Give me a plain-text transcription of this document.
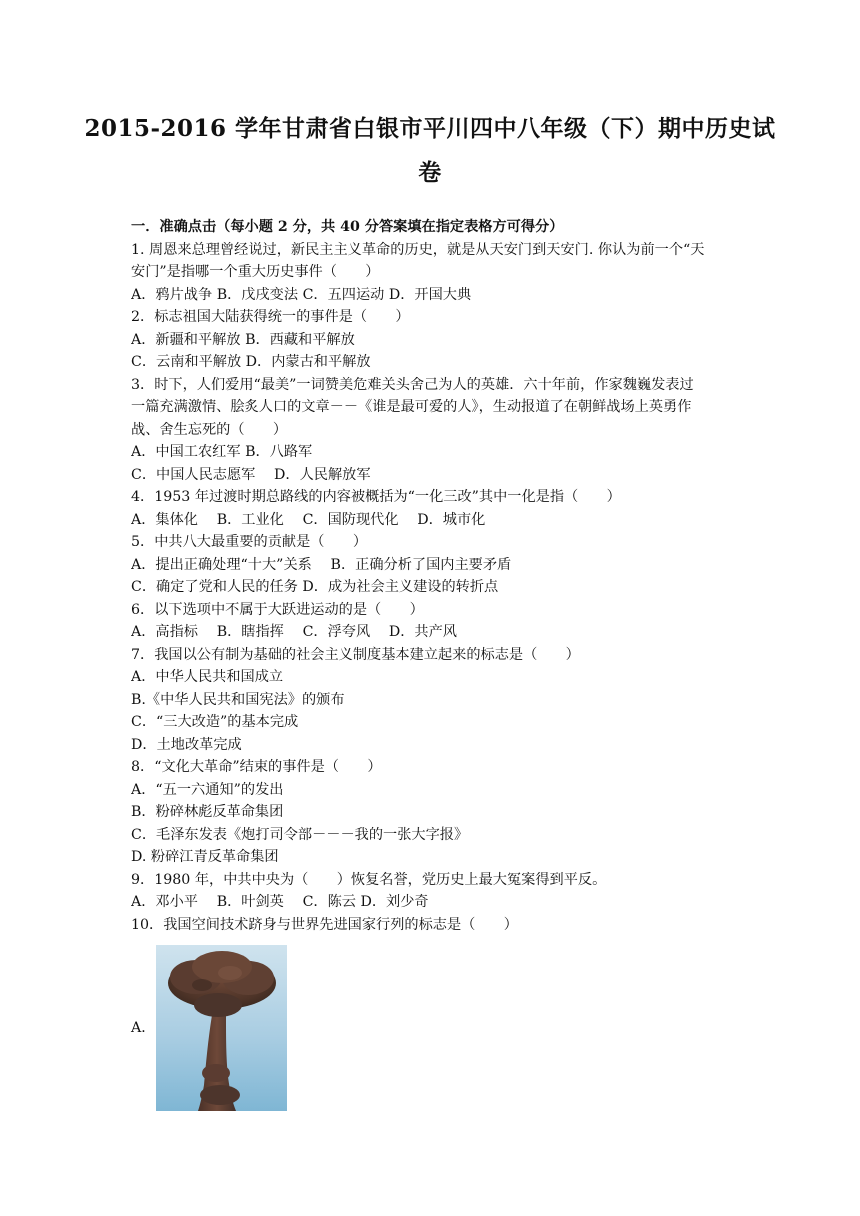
2015-2016 学年甘肃省白银市平川四中八年级（下）期中历史试
卷
一．准确点击（每小题 2 分，共 40 分答案填在指定表格方可得分）
1. 周恩来总理曾经说过，新民主主义革命的历史，就是从天安门到天安门. 你认为前一个“天
安门”是指哪一个重大历史事件（　　）
A．鸦片战争 B．戊戌变法 C．五四运动 D．开国大典
2．标志祖国大陆获得统一的事件是（　　）
A．新疆和平解放 B．西藏和平解放
C．云南和平解放 D．内蒙古和平解放
3．时下，人们爱用“最美”一词赞美危难关头舍己为人的英雄．六十年前，作家魏巍发表过
一篇充满激情、脍炙人口的文章－－《谁是最可爱的人》，生动报道了在朝鲜战场上英勇作
战、舍生忘死的（　　）
A．中国工农红军 B．八路军
C．中国人民志愿军　 D．人民解放军
4．1953 年过渡时期总路线的内容被概括为“一化三改”其中一化是指（　　）
A．集体化　 B．工业化　 C．国防现代化　 D．城市化
5．中共八大最重要的贡献是（　　）
A．提出正确处理“十大”关系　 B．正确分析了国内主要矛盾
C．确定了党和人民的任务 D．成为社会主义建设的转折点
6．以下选项中不属于大跃进运动的是（　　）
A．高指标　 B．瞎指挥　 C．浮夸风　 D．共产风
7．我国以公有制为基础的社会主义制度基本建立起来的标志是（　　）
A．中华人民共和国成立
B.《中华人民共和国宪法》的颁布
C．“三大改造”的基本完成
D．土地改革完成
8．“文化大革命”结束的事件是（　　）
A．“五一六通知”的发出
B．粉碎林彪反革命集团
C．毛泽东发表《炮打司令部－－－我的一张大字报》
D. 粉碎江青反革命集团
9．1980 年，中共中央为（　　）恢复名誉，党历史上最大冤案得到平反。
A．邓小平　 B．叶剑英　 C．陈云 D．刘少奇
10．我国空间技术跻身与世界先进国家行列的标志是（　　）
A．
